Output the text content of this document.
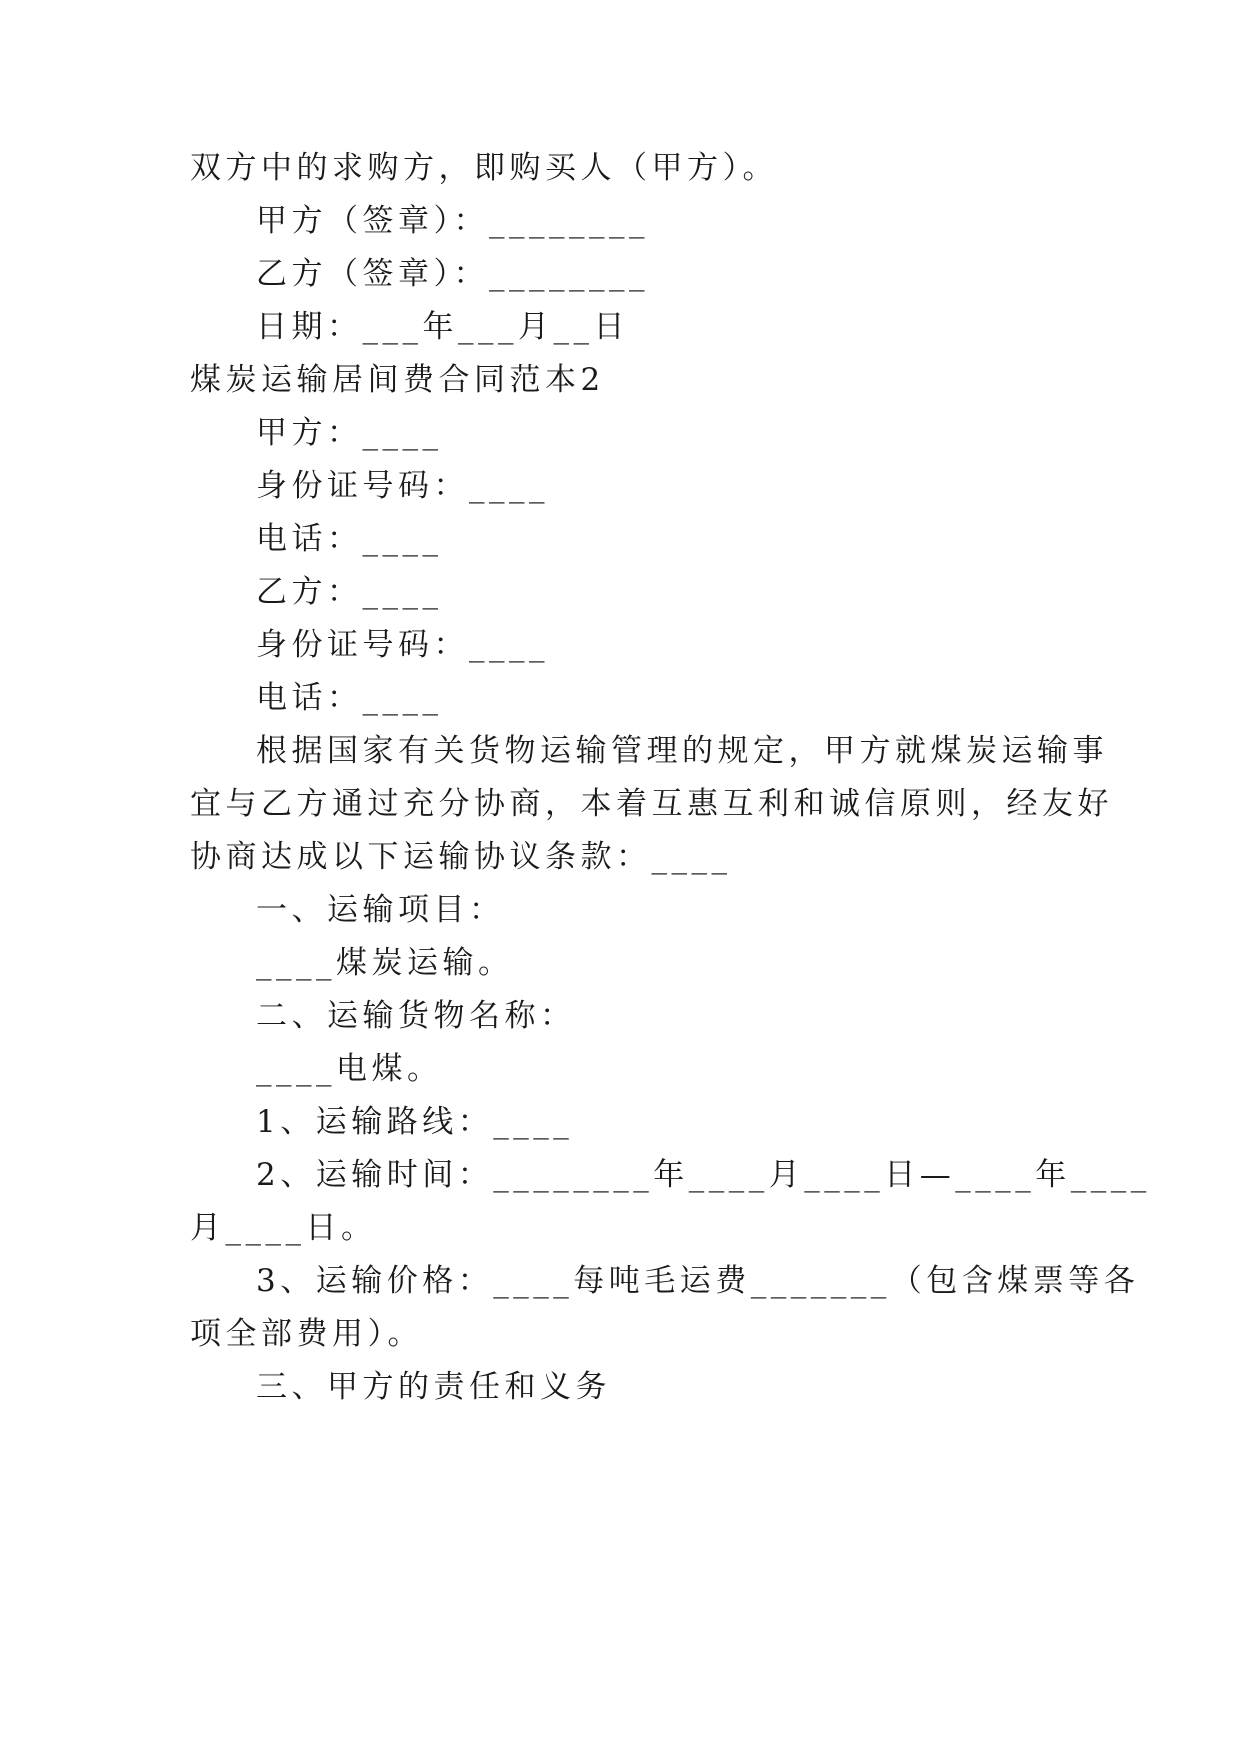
双方中的求购方，即购买人（甲方）。
甲方（签章）：________
乙方（签章）：________
日期：___年___月__日
煤炭运输居间费合同范本2
甲方：____
身份证号码：____
电话：____
乙方：____
身份证号码：____
电话：____
根据国家有关货物运输管理的规定，甲方就煤炭运输事
宜与乙方通过充分协商，本着互惠互利和诚信原则，经友好
协商达成以下运输协议条款：____
一、运输项目：
____煤炭运输。
二、运输货物名称：
____电煤。
1、运输路线：____
2、运输时间：________年____月____日—____年____
月____日。
3、运输价格：____每吨毛运费_______（包含煤票等各
项全部费用）。
三、甲方的责任和义务
